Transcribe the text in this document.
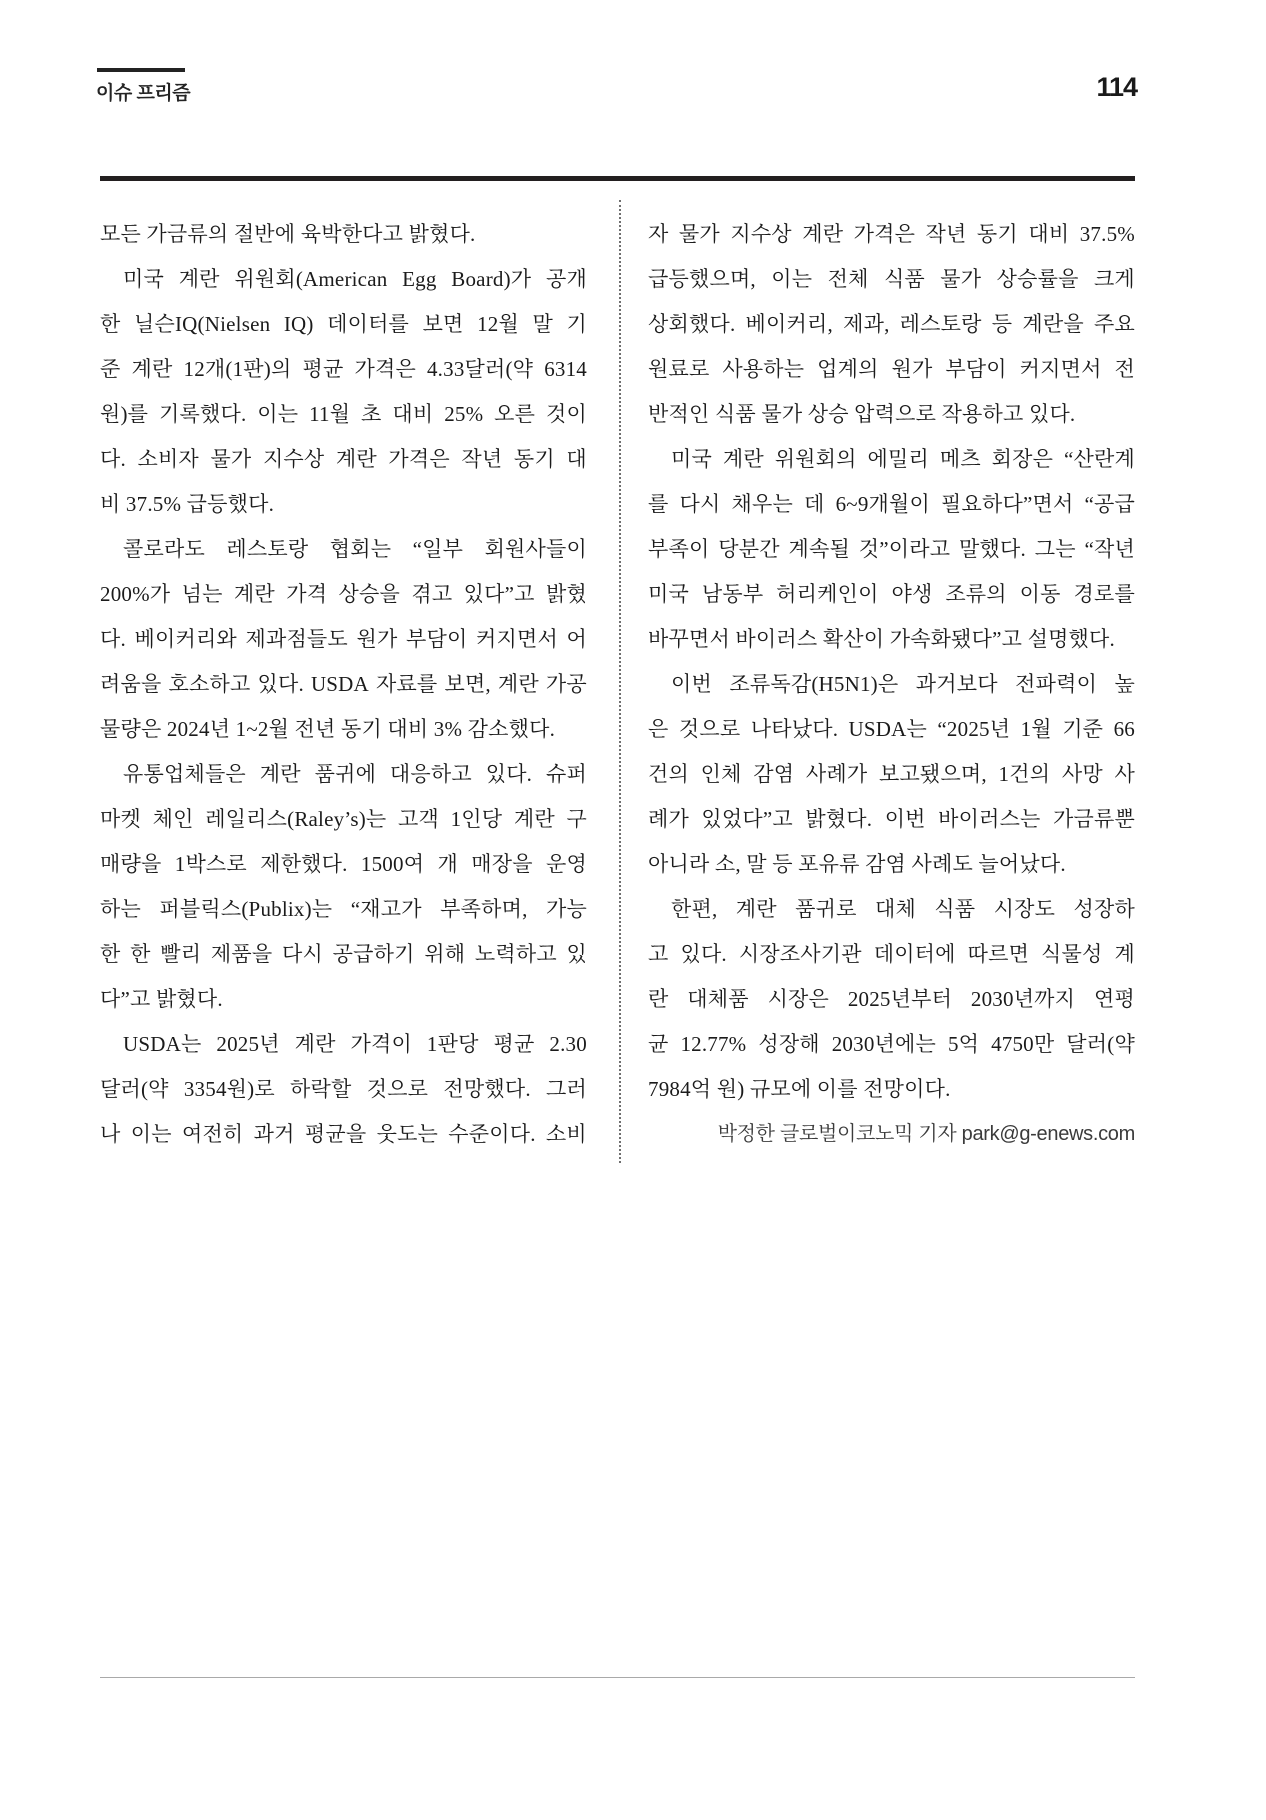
이슈 프리즘	114
모든 가금류의 절반에 육박한다고 밝혔다.
미국 계란 위원회(American Egg Board)가 공개
한 닐슨IQ(Nielsen IQ) 데이터를 보면 12월 말 기
준 계란 12개(1판)의 평균 가격은 4.33달러(약 6314
원)를 기록했다. 이는 11월 초 대비 25% 오른 것이
다. 소비자 물가 지수상 계란 가격은 작년 동기 대
비 37.5% 급등했다.
콜로라도 레스토랑 협회는 “일부 회원사들이
200%가 넘는 계란 가격 상승을 겪고 있다”고 밝혔
다. 베이커리와 제과점들도 원가 부담이 커지면서 어
려움을 호소하고 있다. USDA 자료를 보면, 계란 가공
물량은 2024년 1~2월 전년 동기 대비 3% 감소했다.
유통업체들은 계란 품귀에 대응하고 있다. 슈퍼
마켓 체인 레일리스(Raley’s)는 고객 1인당 계란 구
매량을 1박스로 제한했다. 1500여 개 매장을 운영
하는 퍼블릭스(Publix)는 “재고가 부족하며, 가능
한 한 빨리 제품을 다시 공급하기 위해 노력하고 있
다”고 밝혔다.
USDA는 2025년 계란 가격이 1판당 평균 2.30
달러(약 3354원)로 하락할 것으로 전망했다. 그러
나 이는 여전히 과거 평균을 웃도는 수준이다. 소비
자 물가 지수상 계란 가격은 작년 동기 대비 37.5%
급등했으며, 이는 전체 식품 물가 상승률을 크게
상회했다. 베이커리, 제과, 레스토랑 등 계란을 주요
원료로 사용하는 업계의 원가 부담이 커지면서 전
반적인 식품 물가 상승 압력으로 작용하고 있다.
미국 계란 위원회의 에밀리 메츠 회장은 “산란계
를 다시 채우는 데 6~9개월이 필요하다”면서 “공급
부족이 당분간 계속될 것”이라고 말했다. 그는 “작년
미국 남동부 허리케인이 야생 조류의 이동 경로를
바꾸면서 바이러스 확산이 가속화됐다”고 설명했다.
이번 조류독감(H5N1)은 과거보다 전파력이 높
은 것으로 나타났다. USDA는 “2025년 1월 기준 66
건의 인체 감염 사례가 보고됐으며, 1건의 사망 사
례가 있었다”고 밝혔다. 이번 바이러스는 가금류뿐
아니라 소, 말 등 포유류 감염 사례도 늘어났다.
한편, 계란 품귀로 대체 식품 시장도 성장하
고 있다. 시장조사기관 데이터에 따르면 식물성 계
란 대체품 시장은 2025년부터 2030년까지 연평
균 12.77% 성장해 2030년에는 5억 4750만 달러(약
7984억 원) 규모에 이를 전망이다.
박정한 글로벌이코노믹 기자 park@g-enews.com
